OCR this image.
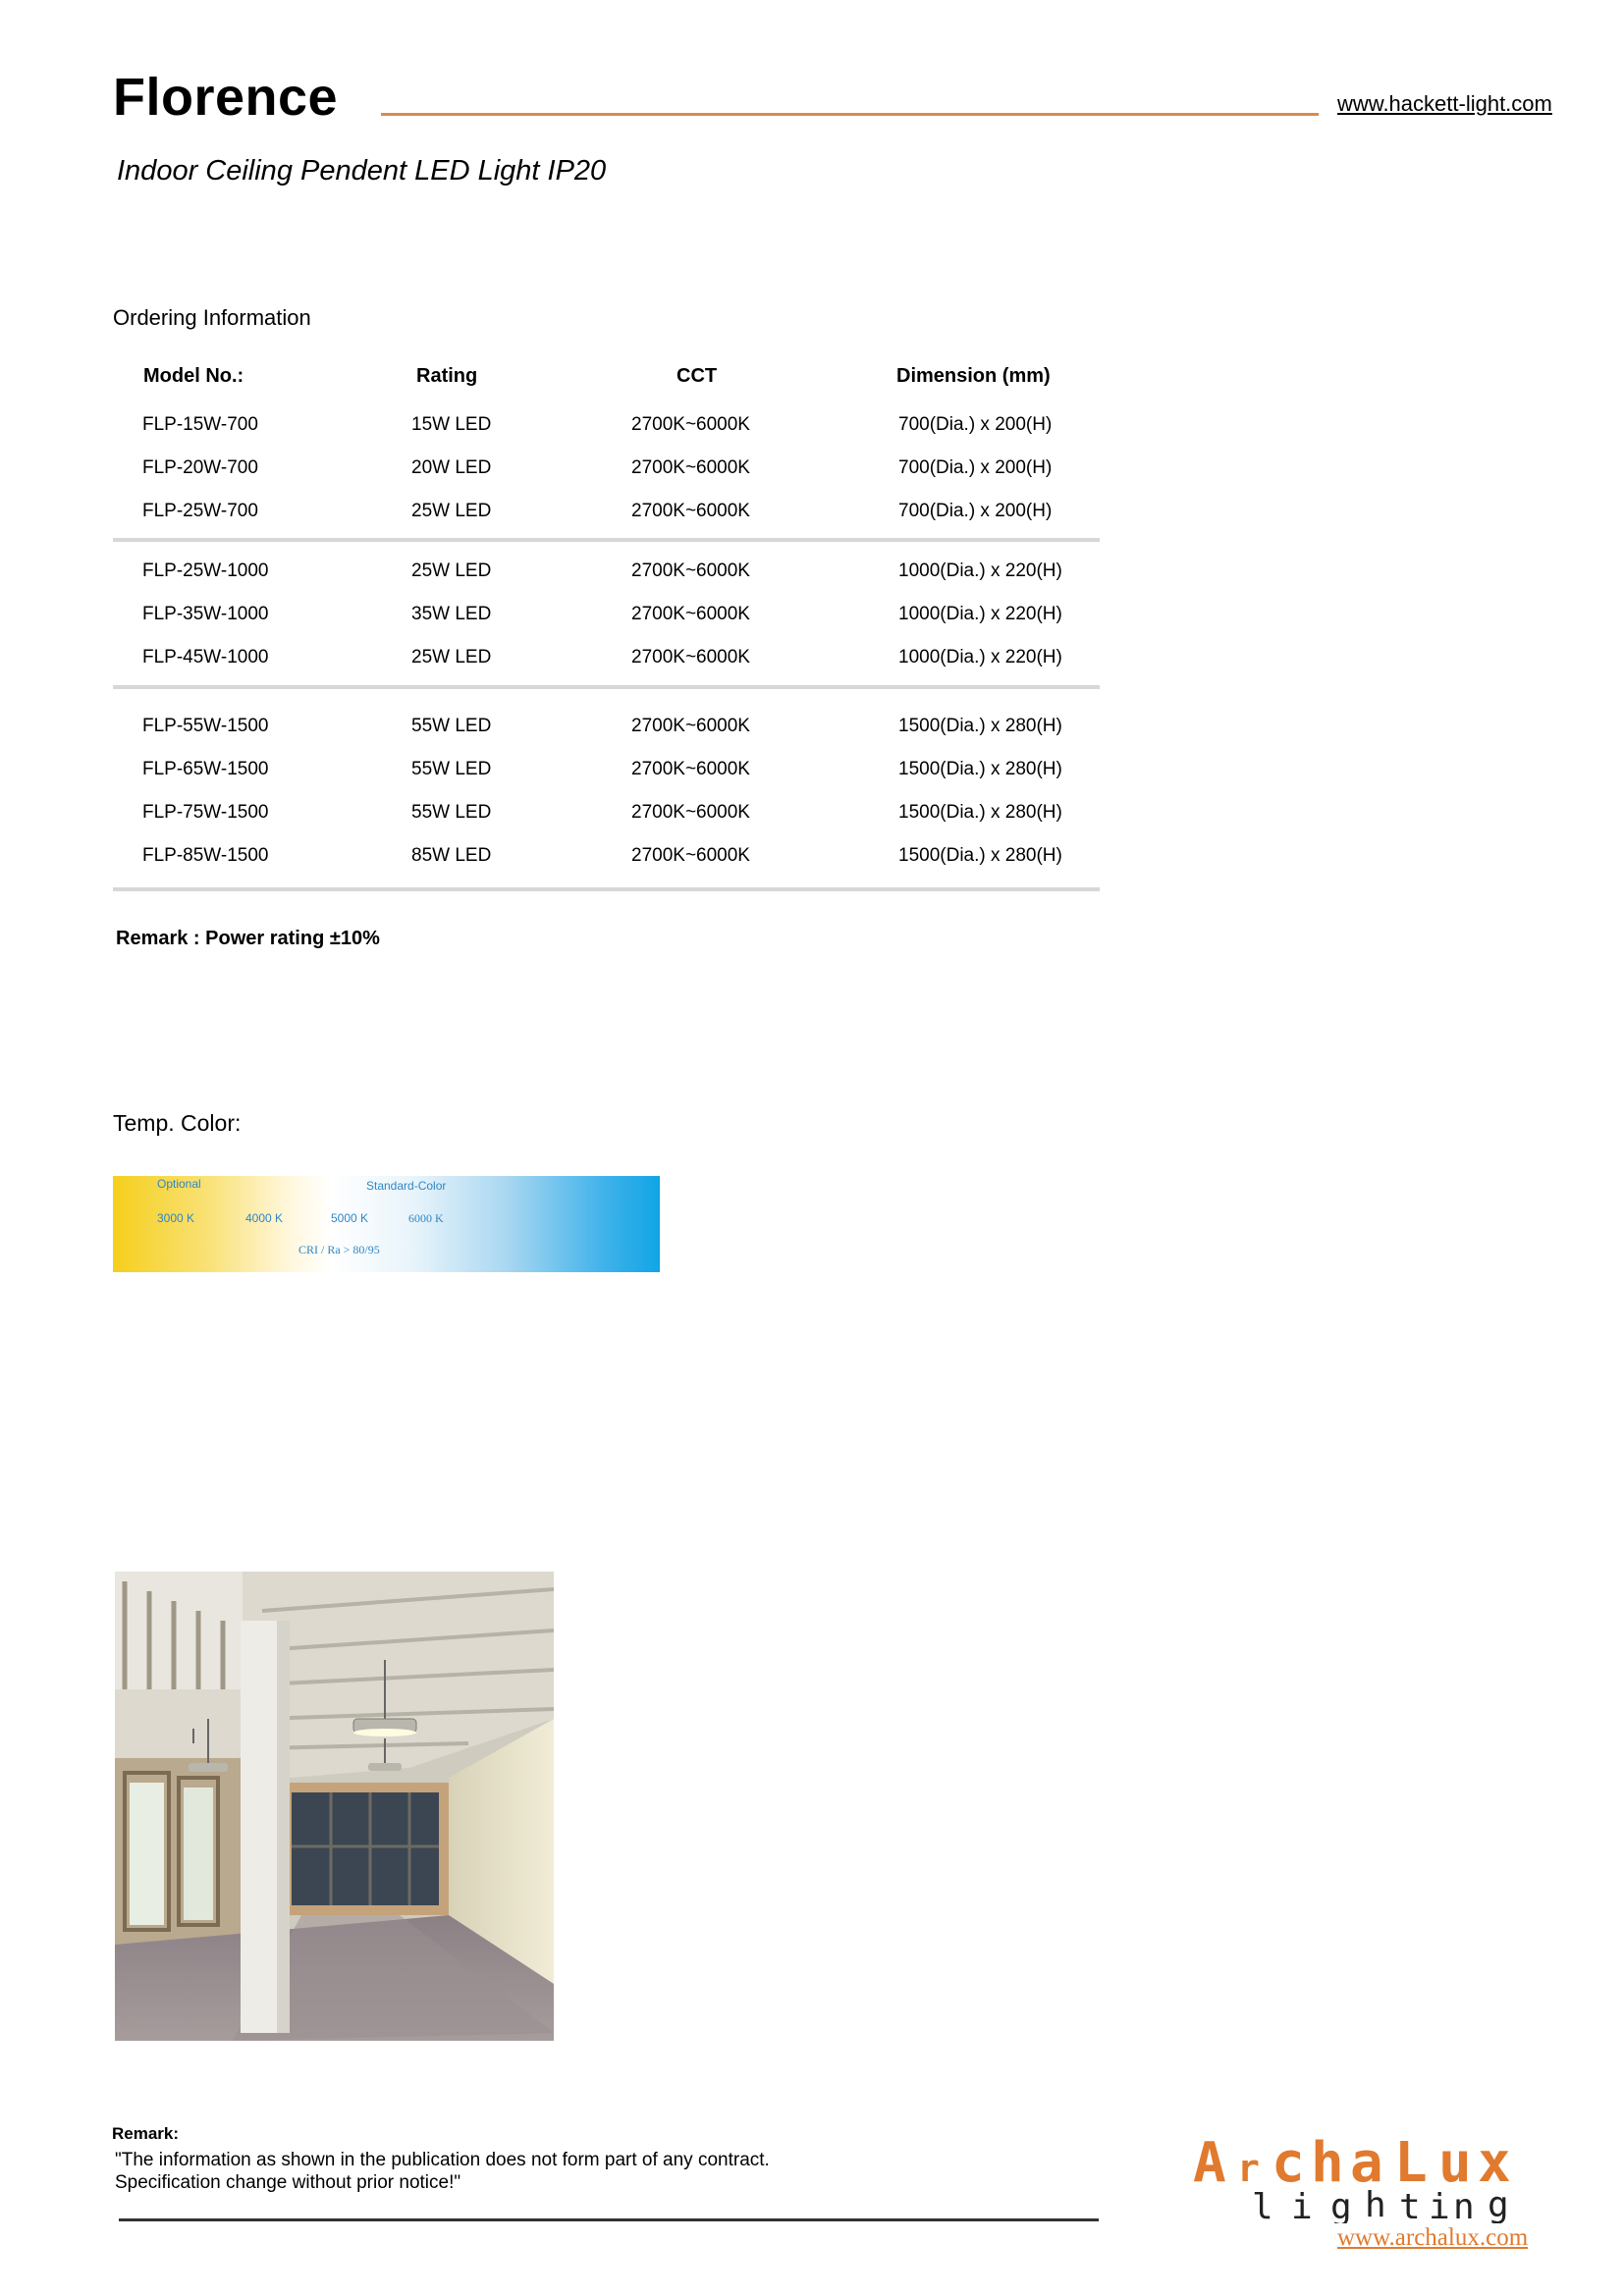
Florence	www.hackett-light.com
Indoor Ceiling Pendent LED Light IP20
Ordering Information
Model No.:	Rating	CCT	Dimension (mm)
FLP-15W-700	15W LED	2700K~6000K	700(Dia.) x 200(H)
FLP-20W-700	20W LED	2700K~6000K	700(Dia.) x 200(H)
FLP-25W-700	25W LED	2700K~6000K	700(Dia.) x 200(H)
FLP-25W-1000	25W LED	2700K~6000K	1000(Dia.) x 220(H)
FLP-35W-1000	35W LED	2700K~6000K	1000(Dia.) x 220(H)
FLP-45W-1000	25W LED	2700K~6000K	1000(Dia.) x 220(H)
FLP-55W-1500	55W LED	2700K~6000K	1500(Dia.) x 280(H)
FLP-65W-1500	55W LED	2700K~6000K	1500(Dia.) x 280(H)
FLP-75W-1500	55W LED	2700K~6000K	1500(Dia.) x 280(H)
FLP-85W-1500	85W LED	2700K~6000K	1500(Dia.) x 280(H)
Remark : Power rating ±10%
Temp. Color:
Optional	Standard-Color
3000 K	4000 K	5000 K	6000 K
CRI / Ra > 80/95
Remark:
"The information as shown in the publication does not form part of any contract.
Specification change without prior notice!"	A r c h a L u x
l i g h t i n g
www.archalux.com
